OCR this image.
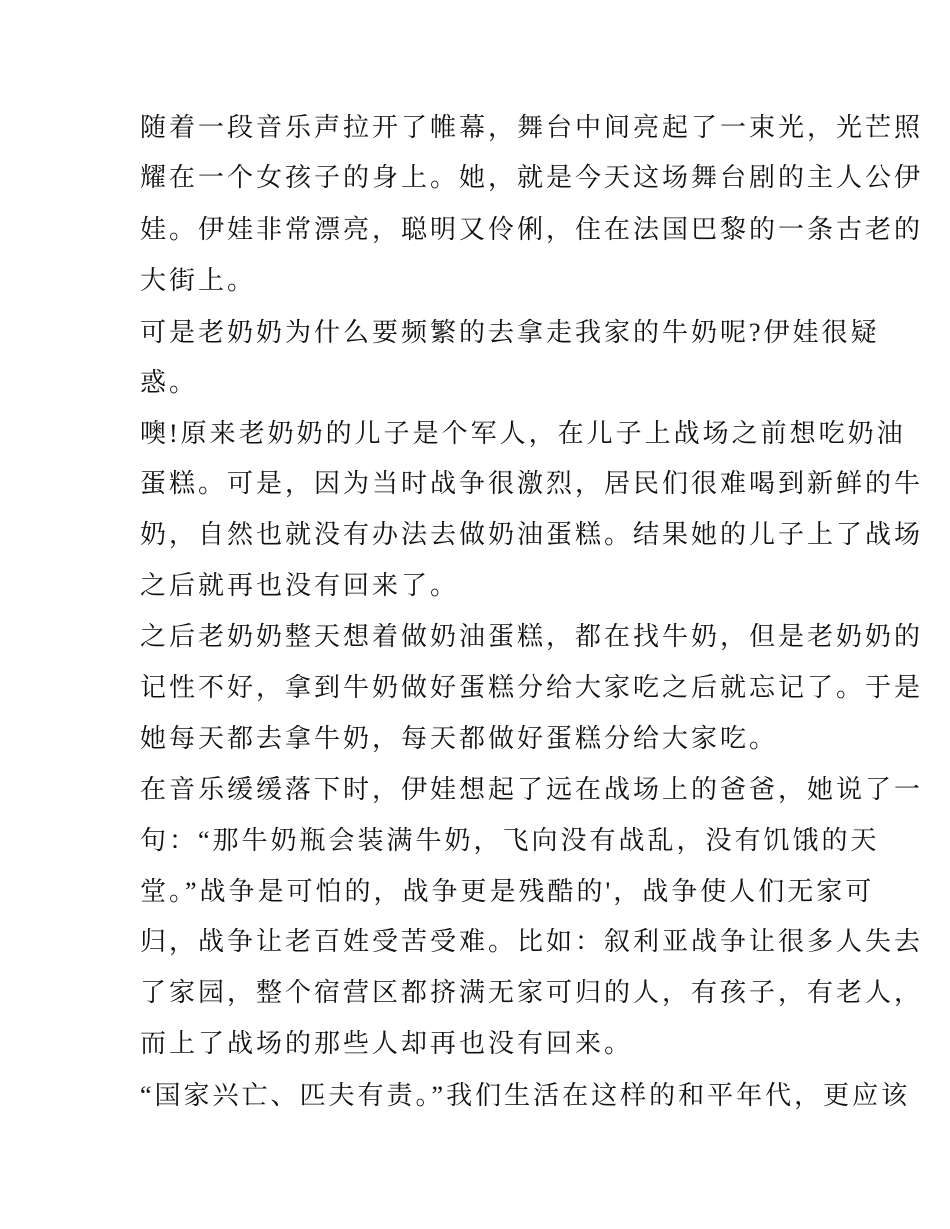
随着一段音乐声拉开了帷幕，舞台中间亮起了一束光，光芒照
耀在一个女孩子的身上。她，就是今天这场舞台剧的主人公伊
娃。伊娃非常漂亮，聪明又伶俐，住在法国巴黎的一条古老的
大街上。
可是老奶奶为什么要频繁的去拿走我家的牛奶呢?伊娃很疑
惑。
噢!原来老奶奶的儿子是个军人，在儿子上战场之前想吃奶油
蛋糕。可是，因为当时战争很激烈，居民们很难喝到新鲜的牛
奶，自然也就没有办法去做奶油蛋糕。结果她的儿子上了战场
之后就再也没有回来了。
之后老奶奶整天想着做奶油蛋糕，都在找牛奶，但是老奶奶的
记性不好，拿到牛奶做好蛋糕分给大家吃之后就忘记了。于是
她每天都去拿牛奶，每天都做好蛋糕分给大家吃。
在音乐缓缓落下时，伊娃想起了远在战场上的爸爸，她说了一
句：“那牛奶瓶会装满牛奶，飞向没有战乱，没有饥饿的天
堂。”战争是可怕的，战争更是残酷的'，战争使人们无家可
归，战争让老百姓受苦受难。比如：叙利亚战争让很多人失去
了家园，整个宿营区都挤满无家可归的人，有孩子，有老人，
而上了战场的那些人却再也没有回来。
“国家兴亡、匹夫有责。”我们生活在这样的和平年代，更应该
